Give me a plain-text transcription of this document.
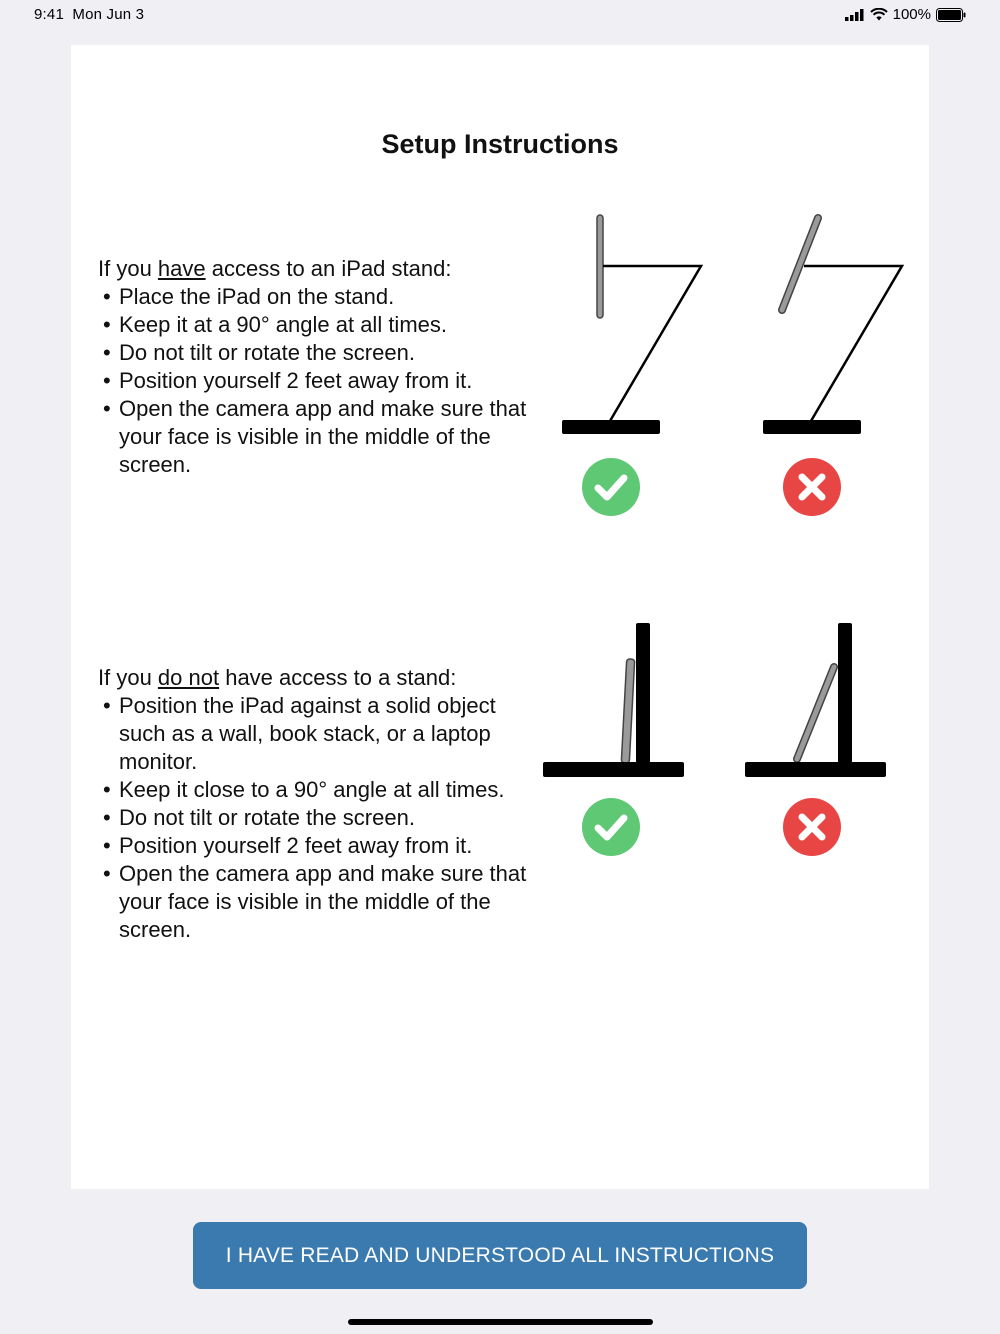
9:41 Mon Jun 3	100%
Setup Instructions
If you have access to an iPad stand:
• Place the iPad on the stand.
• Keep it at a 90° angle at all times.
• Do not tilt or rotate the screen.
• Position yourself 2 feet away from it.
• Open the camera app and make sure that your face is visible in the middle of the screen.
If you do not have access to a stand:
• Position the iPad against a solid object such as a wall, book stack, or a laptop monitor.
• Keep it close to a 90° angle at all times.
• Do not tilt or rotate the screen.
• Position yourself 2 feet away from it.
• Open the camera app and make sure that your face is visible in the middle of the screen.
I HAVE READ AND UNDERSTOOD ALL INSTRUCTIONS
